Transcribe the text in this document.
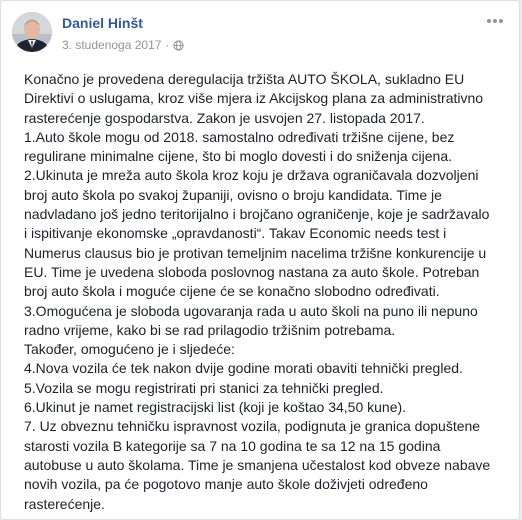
Daniel Hinšt
3. studenoga 2017 ·

Konačno je provedena deregulacija tržišta AUTO ŠKOLA, sukladno EU

Direktivi o uslugama, kroz više mjera iz Akcijskog plana za administrativno

rasterećenje gospodarstva. Zakon je usvojen 27. listopada 2017.

1.Auto škole mogu od 2018. samostalno određivati tržišne cijene, bez

regulirane minimalne cijene, što bi moglo dovesti i do sniženja cijena.

2.Ukinuta je mreža auto škola kroz koju je država ograničavala dozvoljeni

broj auto škola po svakoj županiji, ovisno o broju kandidata. Time je

nadvladano još jedno teritorijalno i brojčano ograničenje, koje je sadržavalo

i ispitivanje ekonomske „opravdanosti“. Takav Economic needs test i

Numerus clausus bio je protivan temeljnim nacelima tržišne konkurencije u

EU. Time je uvedena sloboda poslovnog nastana za auto škole. Potreban

broj auto škola i moguće cijene će se konačno slobodno određivati.

3.Omogućena je sloboda ugovaranja rada u auto školi na puno ili nepuno

radno vrijeme, kako bi se rad prilagodio tržišnim potrebama.

Također, omogućeno je i sljedeće:

4.Nova vozila će tek nakon dvije godine morati obaviti tehnički pregled.

5.Vozila se mogu registrirati pri stanici za tehnički pregled.

6.Ukinut je namet registracijski list (koji je koštao 34,50 kune).

7. Uz obveznu tehničku ispravnost vozila, podignuta je granica dopuštene

starosti vozila B kategorije sa 7 na 10 godina te sa 12 na 15 godina

autobuse u auto školama. Time je smanjena učestalost kod obveze nabave

novih vozila, pa će pogotovo manje auto škole doživjeti određeno

rasterećenje.
